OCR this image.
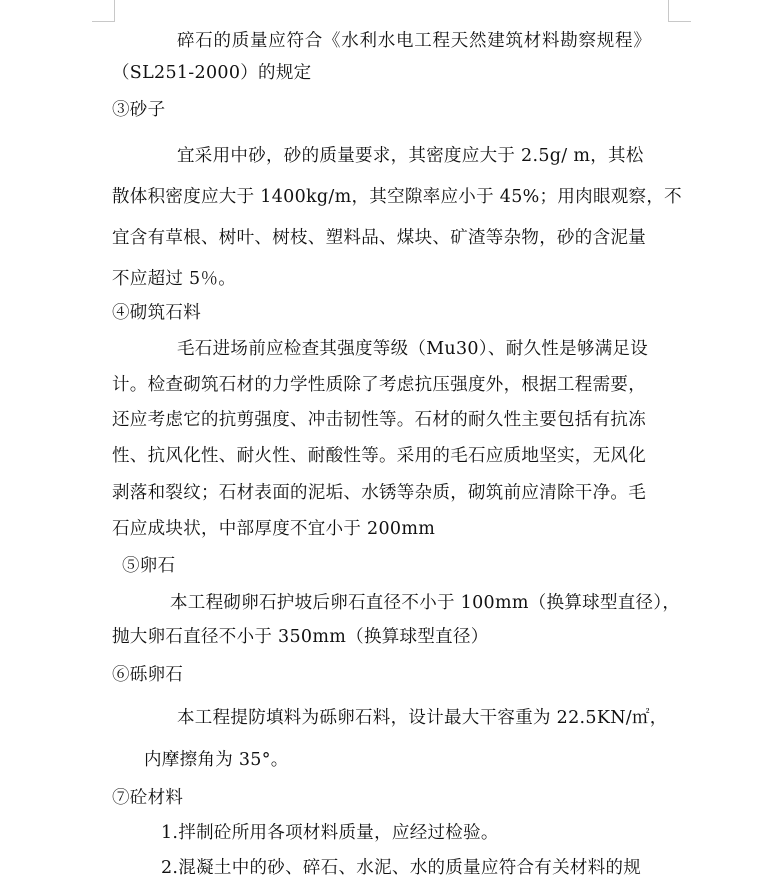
碎石的质量应符合《水利水电工程天然建筑材料勘察规程》
（SL251-2000）的规定
③砂子
宜采用中砂，砂的质量要求，其密度应大于 2.5g/ m，其松
散体积密度应大于 1400kg/m，其空隙率应小于 45%；用肉眼观察，不
宜含有草根、树叶、树枝、塑料品、煤块、矿渣等杂物，砂的含泥量
不应超过 5％。
④砌筑石料
毛石进场前应检查其强度等级（Mu30）、耐久性是够满足设
计。检查砌筑石材的力学性质除了考虑抗压强度外，根据工程需要，
还应考虑它的抗剪强度、冲击韧性等。石材的耐久性主要包括有抗冻
性、抗风化性、耐火性、耐酸性等。采用的毛石应质地坚实，无风化
剥落和裂纹；石材表面的泥垢、水锈等杂质，砌筑前应清除干净。毛
石应成块状，中部厚度不宜小于 200mm
⑤卵石
本工程砌卵石护坡后卵石直径不小于 100mm（换算球型直径），
抛大卵石直径不小于 350mm（换算球型直径）
⑥砾卵石
本工程提防填料为砾卵石料，设计最大干容重为 22.5KN/㎡，
内摩擦角为 35°。
⑦砼材料
1.拌制砼所用各项材料质量，应经过检验。
2.混凝土中的砂、碎石、水泥、水的质量应符合有关材料的规
